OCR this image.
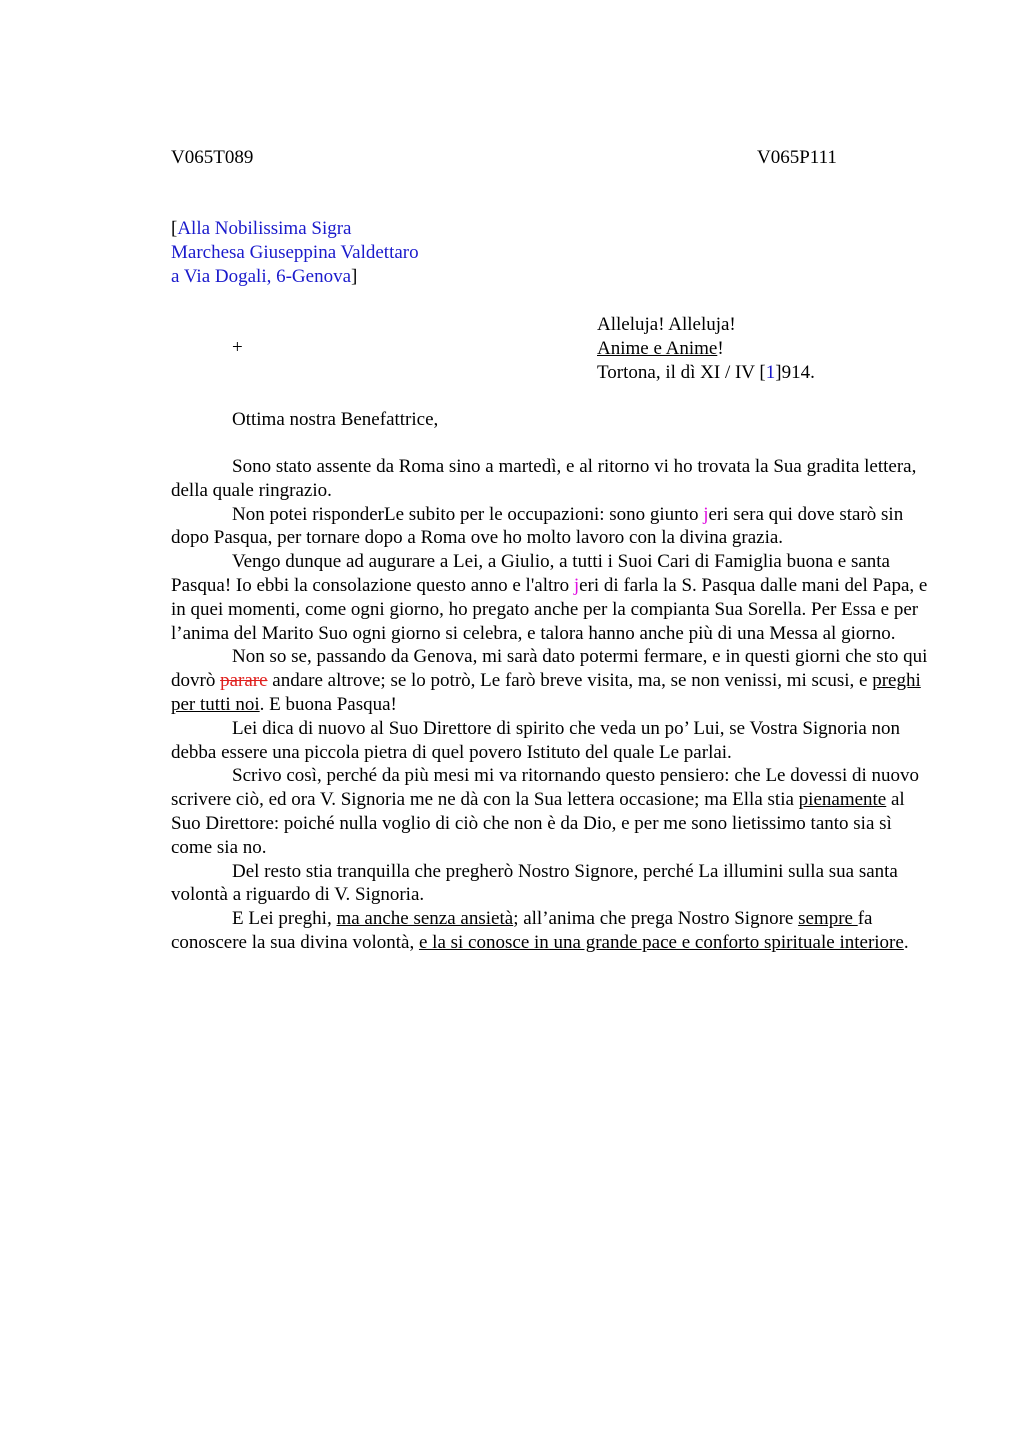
V065T089	V065P111
[Alla Nobilissima Sigra
Marchesa Giuseppina Valdettaro
a Via Dogali, 6-Genova]
+
Alleluja! Alleluja!
Anime e Anime!
Tortona, il dì XI / IV [1]914.
Ottima nostra Benefattrice,

Sono stato assente da Roma sino a martedì, e al ritorno vi ho trovata la Sua gradita lettera, della quale ringrazio.

Non potei risponderLe subito per le occupazioni: sono giunto jeri sera qui dove starò sin dopo Pasqua, per tornare dopo a Roma ove ho molto lavoro con la divina grazia.

Vengo dunque ad augurare a Lei, a Giulio, a tutti i Suoi Cari di Famiglia buona e santa Pasqua! Io ebbi la consolazione questo anno e l'altro jeri di farla la S. Pasqua dalle mani del Papa, e in quei momenti, come ogni giorno, ho pregato anche per la compianta Sua Sorella. Per Essa e per l’anima del Marito Suo ogni giorno si celebra, e talora hanno anche più di una Messa al giorno.

Non so se, passando da Genova, mi sarà dato potermi fermare, e in questi giorni che sto qui dovrò parare andare altrove; se lo potrò, Le farò breve visita, ma, se non venissi, mi scusi, e preghi per tutti noi. E buona Pasqua!

Lei dica di nuovo al Suo Direttore di spirito che veda un po’ Lui, se Vostra Signoria non debba essere una piccola pietra di quel povero Istituto del quale Le parlai.

Scrivo così, perché da più mesi mi va ritornando questo pensiero: che Le dovessi di nuovo scrivere ciò, ed ora V. Signoria me ne dà con la Sua lettera occasione; ma Ella stia pienamente al Suo Direttore: poiché nulla voglio di ciò che non è da Dio, e per me sono lietissimo tanto sia sì come sia no.

Del resto stia tranquilla che pregherò Nostro Signore, perché La illumini sulla sua santa volontà a riguardo di V. Signoria.

E Lei preghi, ma anche senza ansietà; all’anima che prega Nostro Signore sempre fa conoscere la sua divina volontà, e la si conosce in una grande pace e conforto spirituale interiore.
